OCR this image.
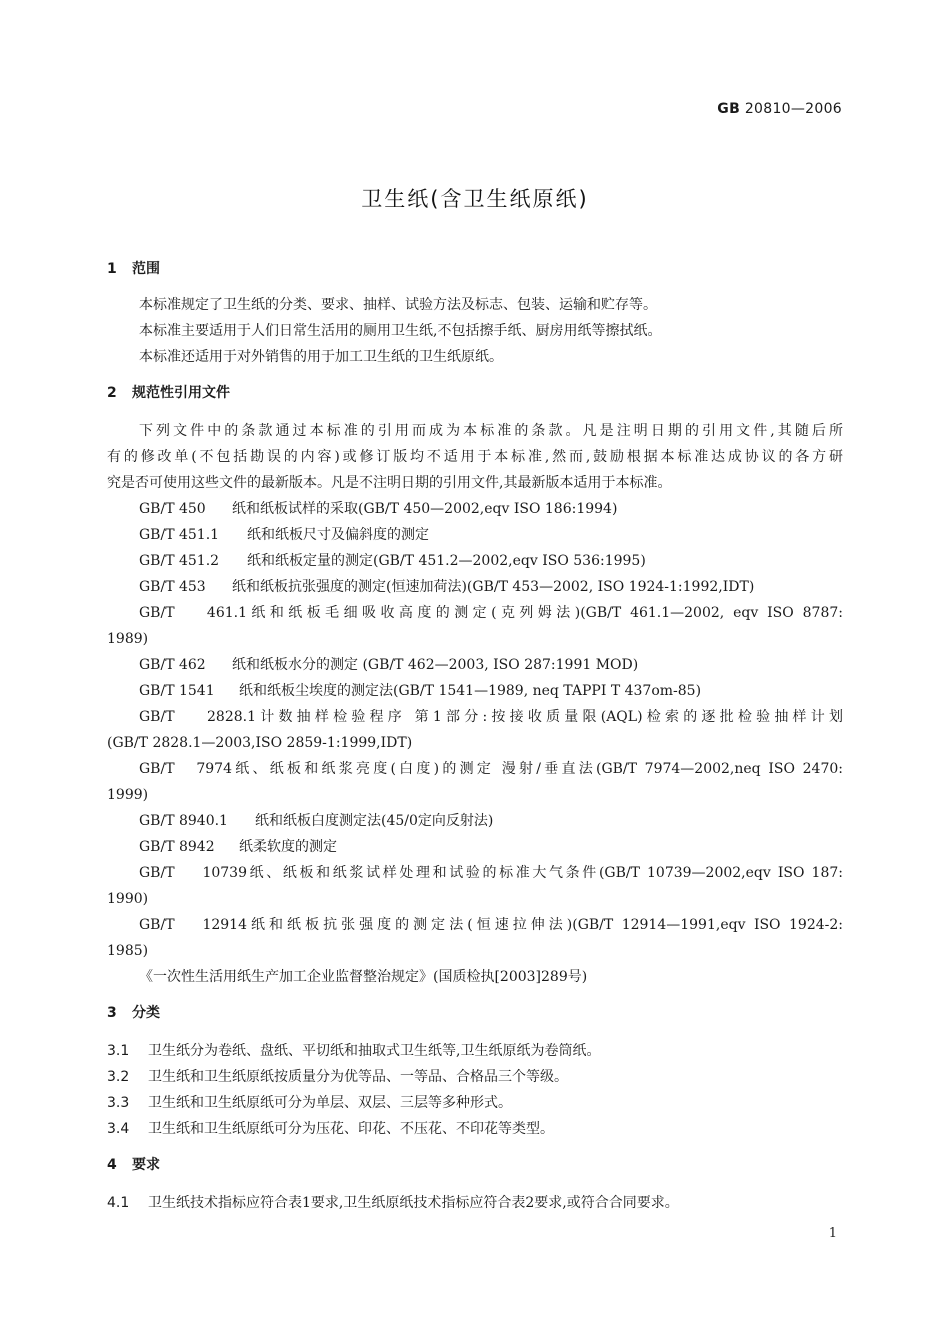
GB 20810—2006
卫生纸(含卫生纸原纸)
1 范围
本标准规定了卫生纸的分类、要求、抽样、试验方法及标志、包装、运输和贮存等。
本标准主要适用于人们日常生活用的厕用卫生纸,不包括擦手纸、厨房用纸等擦拭纸。
本标准还适用于对外销售的用于加工卫生纸的卫生纸原纸。
2 规范性引用文件
下列文件中的条款通过本标准的引用而成为本标准的条款。凡是注明日期的引用文件,其随后所
有的修改单(不包括勘误的内容)或修订版均不适用于本标准,然而,鼓励根据本标准达成协议的各方研
究是否可使用这些文件的最新版本。凡是不注明日期的引用文件,其最新版本适用于本标准。
GB/T 450 纸和纸板试样的采取(GB/T 450—2002,eqv ISO 186:1994)
GB/T 451.1 纸和纸板尺寸及偏斜度的测定
GB/T 451.2 纸和纸板定量的测定(GB/T 451.2—2002,eqv ISO 536:1995)
GB/T 453 纸和纸板抗张强度的测定(恒速加荷法)(GB/T 453—2002, ISO 1924-1:1992,IDT)
GB/T 461.1纸和纸板毛细吸收高度的测定(克列姆法)(GB/T 461.1—2002, eqv ISO 8787:
1989)
GB/T 462 纸和纸板水分的测定 (GB/T 462—2003, ISO 287:1991 MOD)
GB/T 1541 纸和纸板尘埃度的测定法(GB/T 1541—1989, neq TAPPI T 437om-85)
GB/T 2828.1计数抽样检验程序 第1部分:按接收质量限(AQL)检索的逐批检验抽样计划
(GB/T 2828.1—2003,ISO 2859-1:1999,IDT)
GB/T 7974纸、纸板和纸浆亮度(白度)的测定 漫射/垂直法(GB/T 7974—2002,neq ISO 2470:
1999)
GB/T 8940.1 纸和纸板白度测定法(45/0定向反射法)
GB/T 8942 纸柔软度的测定
GB/T 10739纸、纸板和纸浆试样处理和试验的标准大气条件(GB/T 10739—2002,eqv ISO 187:
1990)
GB/T 12914纸和纸板抗张强度的测定法(恒速拉伸法)(GB/T 12914—1991,eqv ISO 1924-2:
1985)
《一次性生活用纸生产加工企业监督整治规定》(国质检执[2003]289号)
3 分类
3.1 卫生纸分为卷纸、盘纸、平切纸和抽取式卫生纸等,卫生纸原纸为卷筒纸。
3.2 卫生纸和卫生纸原纸按质量分为优等品、一等品、合格品三个等级。
3.3 卫生纸和卫生纸原纸可分为单层、双层、三层等多种形式。
3.4 卫生纸和卫生纸原纸可分为压花、印花、不压花、不印花等类型。
4 要求
4.1 卫生纸技术指标应符合表1要求,卫生纸原纸技术指标应符合表2要求,或符合合同要求。
1
